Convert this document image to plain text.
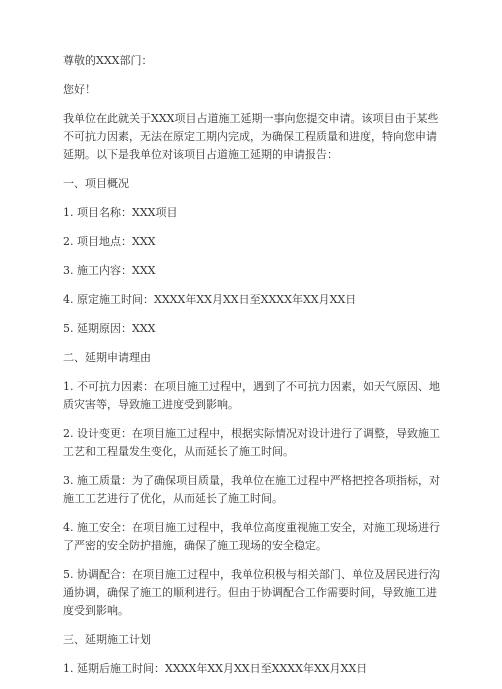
尊敬的XXX部门：

您好！

我单位在此就关于XXX项目占道施工延期一事向您提交申请。该项目由于某些不可抗力因素，无法在原定工期内完成，为确保工程质量和进度，特向您申请延期。以下是我单位对该项目占道施工延期的申请报告：

一、项目概况

1. 项目名称：XXX项目

2. 项目地点：XXX

3. 施工内容：XXX

4. 原定施工时间：XXXX年XX月XX日至XXXX年XX月XX日

5. 延期原因：XXX

二、延期申请理由

1. 不可抗力因素：在项目施工过程中，遇到了不可抗力因素，如天气原因、地质灾害等，导致施工进度受到影响。

2. 设计变更：在项目施工过程中，根据实际情况对设计进行了调整，导致施工工艺和工程量发生变化，从而延长了施工时间。

3. 施工质量：为了确保项目质量，我单位在施工过程中严格把控各项指标，对施工工艺进行了优化，从而延长了施工时间。

4. 施工安全：在项目施工过程中，我单位高度重视施工安全，对施工现场进行了严密的安全防护措施，确保了施工现场的安全稳定。

5. 协调配合：在项目施工过程中，我单位积极与相关部门、单位及居民进行沟通协调，确保了施工的顺利进行。但由于协调配合工作需要时间，导致施工进度受到影响。

三、延期施工计划

1. 延期后施工时间：XXXX年XX月XX日至XXXX年XX月XX日
